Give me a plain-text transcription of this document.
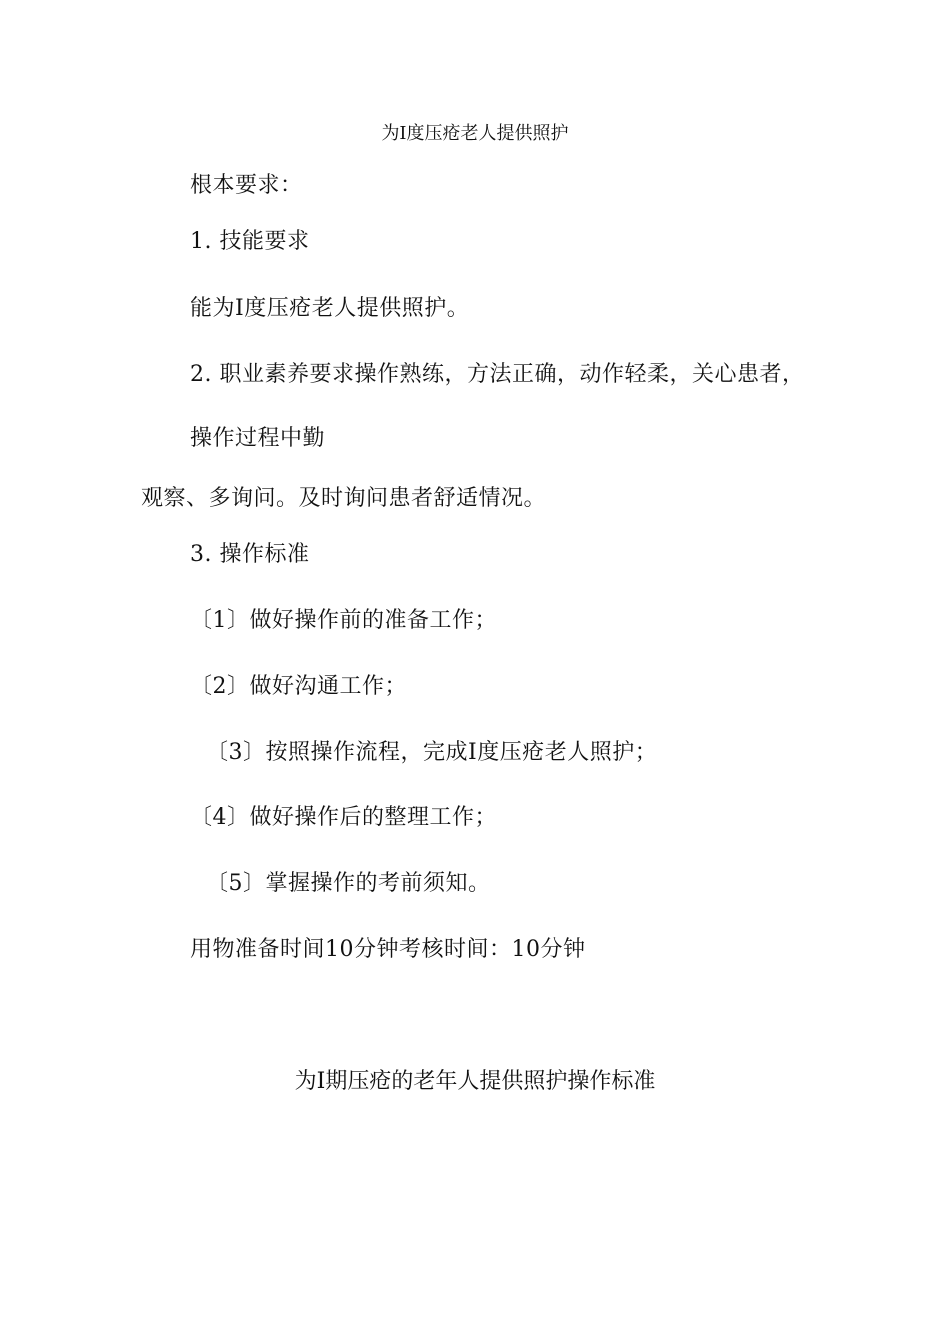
为Ⅰ度压疮老人提供照护
根本要求：
1. 技能要求
能为Ⅰ度压疮老人提供照护。
2. 职业素养要求操作熟练，方法正确，动作轻柔，关心患者，
操作过程中勤
观察、多询问。及时询问患者舒适情况。
3. 操作标准
〔1〕做好操作前的准备工作；
〔2〕做好沟通工作；
〔3〕按照操作流程，完成Ⅰ度压疮老人照护；
〔4〕做好操作后的整理工作；
〔5〕掌握操作的考前须知。
用物准备时间10分钟考核时间：10分钟
为Ⅰ期压疮的老年人提供照护操作标准
